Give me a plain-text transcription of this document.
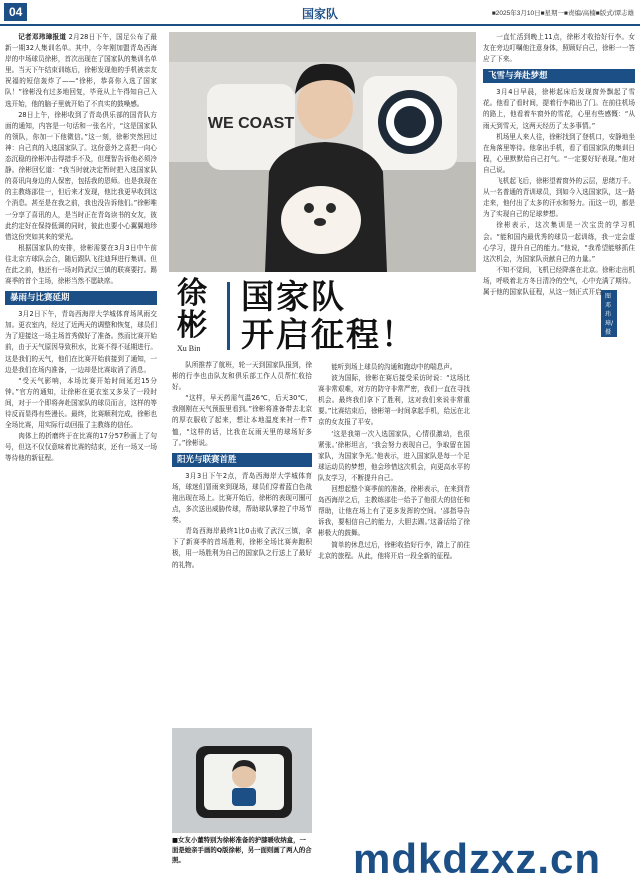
04	国家队	■2025年3月10日■星期一■责编/高楠■版式/谭志雄

记者邓玮璋报道 2月28日下午，国足公布了最新一期32人集训名单。其中，今年刚加盟青岛西海岸的中场球员徐彬，首次出现在了国家队的集训名单里。当天下午结束训练后，徐彬发现他的手机被亲友祝福的短信轰炸了——“徐彬，恭喜你入选了国家队！”徐彬没有过多地回复，毕竟从上午得知自己入选开始，他的脑子里就开始了不真实的鼓噪感。

28日上午，徐彬收到了青岛俱乐部的国青队方面的通知，内容是一句话和一张名片，“这是国家队的领队，你加一下他微信。”这一刻，徐彬突然回过神：自己真的入选国家队了。这份意外之喜把一向心态沉稳的徐彬冲击得措手不及，但理智告诉他必须冷静。徐彬回忆道：“我当时就决定暂时把入选国家队的喜讯向身边的人保密，包括我的恩师。也是我现在的主教练邵佳一，但后来才发现，他比我更早收到这个消息。甚至是在我之前，我也没告诉他们。”徐彬唯一分享了喜讯的人，是当时正在青岛读书的女友，彼此约定好在保持低调的同时，彼此也要小心翼翼地珍惜这份突如其来的荣光。

根据国家队的安排，徐彬需要在3月3日中午前往北京方球队会合，随后跟队飞往迪拜进行集训。但在此之前，他还有一场对阵武汉三镇的联赛要打。踢赛季的首个主场，徐彬当然不愿缺席。

暴雨与比赛延期

3月2日下午，青岛西海岸大学城体育场风雨交加。更衣室内，经过了近两天的调整和恢复，球员们为了迎接这一场主场首秀做好了准备。然而比赛开始前，由于天气原因导致积水，比赛不得不延期进行。这是我们的天气，他们在比赛开始前接到了通知，一边是我们在场内准备，一边却是比赛取消了消息。

“受天气影响，本场比赛开始时间延迟15分钟。”官方的通知，让徐彬在更衣室又多呆了一段时间，对于一个即将奔赴国家队的球员而言，这样的等待反而显得有些漫长。最终，比赛顺利完成，徐彬也全场比赛，用实际行动回报了主教练的信任。

肉体上的折磨终于在比赛的17分57秒画上了句号，但这不仅仅意味着比赛的结束，还有一场又一场等待他的新征程。

WE COAST
图 邓玮璋/摄
徐彬
Xu Bin
国家队
开启征程！

队所推荐了航班，轮一天到国家队报到，徐彬的行李也由队友和俱乐部工作人员帮忙收拾好。

“这样，早天药需气温26℃，后天30℃，我刚刚在天气预报里看到。”徐彬将准备带去北京的厚衣服收了起来，想让本地温度来衬一件T恤，“这样的话，比我在玩雨天里的球场好多了。”徐彬说。

阳光与联赛首胜

3月3日下午2点，青岛西海岸大学城体育场，球迷们冒雨来到现场，球员们穿着蓝白色战袍出现在场上。比赛开始后，徐彬的表现可圈可点，多次送出威胁传球，帮助球队掌控了中场节奏。

青岛西海岸最终1比0击败了武汉三镇，拿下了新赛季的首场胜利，徐彬全场比赛奔跑积极，用一场胜利为自己的国家队之行送上了最好的礼物。

■女友小董特别为徐彬准备的护膝暖收纳盒，一面是她亲手画的Q版徐彬，另一面则画了两人的合照。

能听到场上球员的沟通和跑动中的喘息声。

波为国际，徐彬在赛后接受采访时说：“这场比赛非常艰难，对方的防守非常严密，我们一直在寻找机会。最终我们拿下了胜利，这对我们来说非常重要。”比赛结束后，徐彬第一时间拿起手机，给远在北京的女友报了平安。

‘这是我第一次入选国家队，心情很激动，也很紧张。’徐彬坦言，‘我会努力表现自己，争取留在国家队，为国家争光。’他表示，进入国家队是每一个足球运动员的梦想，他会珍惜这次机会，向更高水平的队友学习，不断提升自己。

回想起整个赛季前的准备，徐彬表示，在来到青岛西海岸之后，主教练邵佳一给予了他很大的信任和帮助，让他在场上有了更多发挥的空间。‘邵指导告诉我，要相信自己的能力，大胆去踢。’这番话给了徐彬极大的鼓舞。

简单的休息过后，徐彬收拾好行李，踏上了前往北京的旅程。从此，他将开启一段全新的征程。

一直忙活到晚上11点，徐彬才收拾好行李。女友在旁边叮嘱他注意身体，照顾好自己，徐彬一一答应了下来。

飞雪与奔赴梦想

3月4日早晨，徐彬起床后发现窗外飘起了雪花。他看了看时间，提着行李箱出了门。在前往机场的路上，他看着车窗外的雪花，心里有些感慨：“从雨天到雪天，这两天经历了太多事情。”

机场里人来人往，徐彬找到了登机口，安静地坐在角落里等待。他拿出手机，看了看国家队的集训日程，心里默默给自己打气。“一定要好好表现。”他对自己说。

飞机起飞后，徐彬望着窗外的云层，思绪万千。从一名普通的青训球员，到如今入选国家队，这一路走来，他付出了太多的汗水和努力。而这一切，都是为了实现自己的足球梦想。

徐彬表示，这次集训是一次宝贵的学习机会。“能和国内最优秀的球员一起训练，我一定会虚心学习，提升自己的能力。”他说，“我希望能够抓住这次机会，为国家队贡献自己的力量。”

不知不觉间，飞机已经降落在北京。徐彬走出机场，呼吸着北方冬日清冷的空气，心中充满了期待。属于他的国家队征程，从这一刻正式开启。

mdkdzxz.cn
